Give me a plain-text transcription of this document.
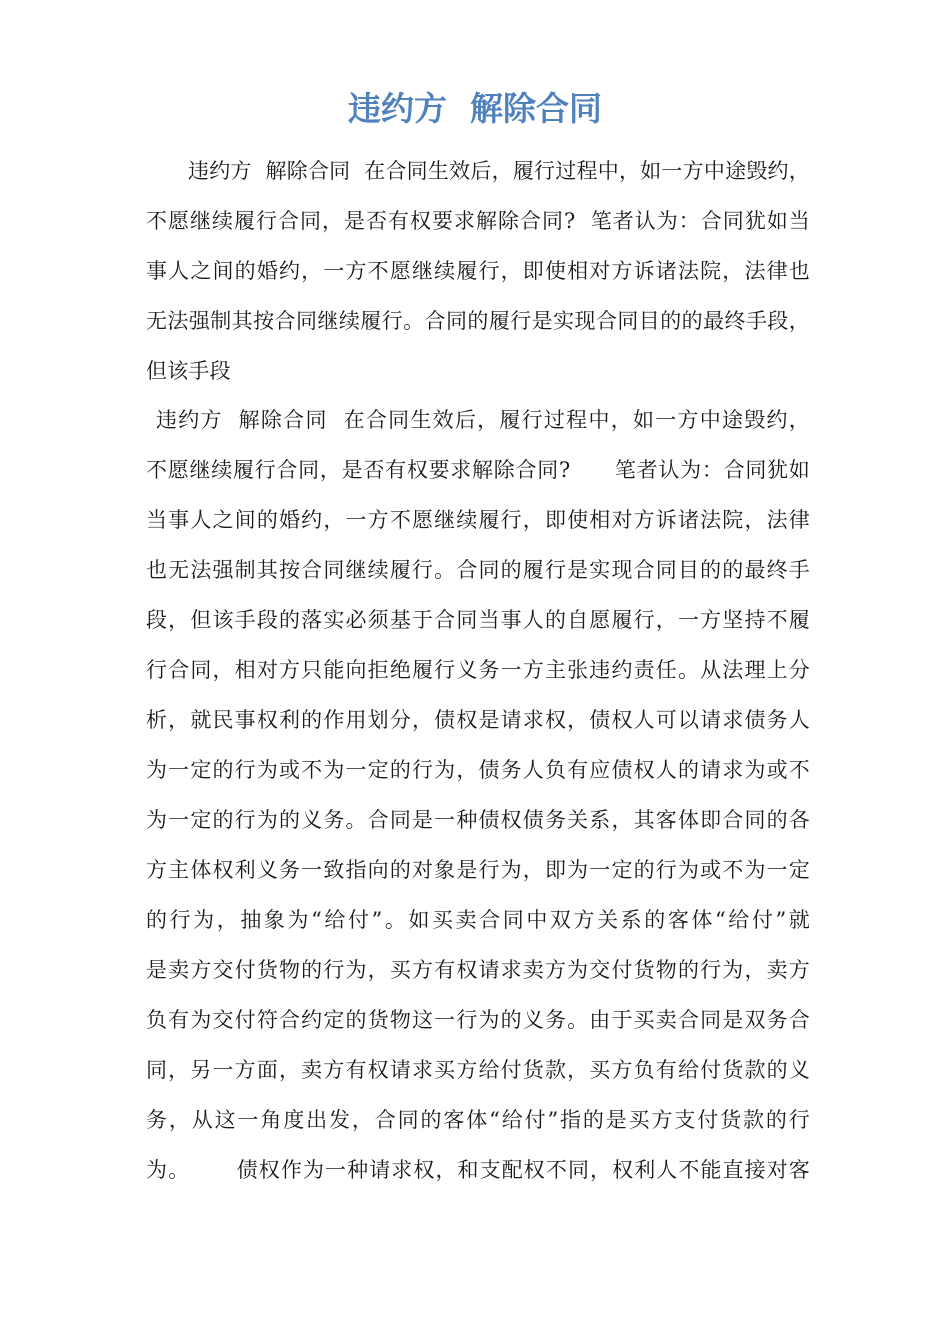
违约方  解除合同
违约方  解除合同  在合同生效后，履行过程中，如一方中途毁约，
不愿继续履行合同，是否有权要求解除合同?  笔者认为：合同犹如当
事人之间的婚约，一方不愿继续履行，即使相对方诉诸法院，法律也
无法强制其按合同继续履行。合同的履行是实现合同目的的最终手段，
但该手段
违约方  解除合同  在合同生效后，履行过程中，如一方中途毁约，
不愿继续履行合同，是否有权要求解除合同?      笔者认为：合同犹如
当事人之间的婚约，一方不愿继续履行，即使相对方诉诸法院，法律
也无法强制其按合同继续履行。合同的履行是实现合同目的的最终手
段，但该手段的落实必须基于合同当事人的自愿履行，一方坚持不履
行合同，相对方只能向拒绝履行义务一方主张违约责任。从法理上分
析，就民事权利的作用划分，债权是请求权，债权人可以请求债务人
为一定的行为或不为一定的行为，债务人负有应债权人的请求为或不
为一定的行为的义务。合同是一种债权债务关系，其客体即合同的各
方主体权利义务一致指向的对象是行为，即为一定的行为或不为一定
的行为，抽象为“给付”。如买卖合同中双方关系的客体“给付”就
是卖方交付货物的行为，买方有权请求卖方为交付货物的行为，卖方
负有为交付符合约定的货物这一行为的义务。由于买卖合同是双务合
同，另一方面，卖方有权请求买方给付货款，买方负有给付货款的义
务，从这一角度出发，合同的客体“给付”指的是买方支付货款的行
为。      债权作为一种请求权，和支配权不同，权利人不能直接对客
